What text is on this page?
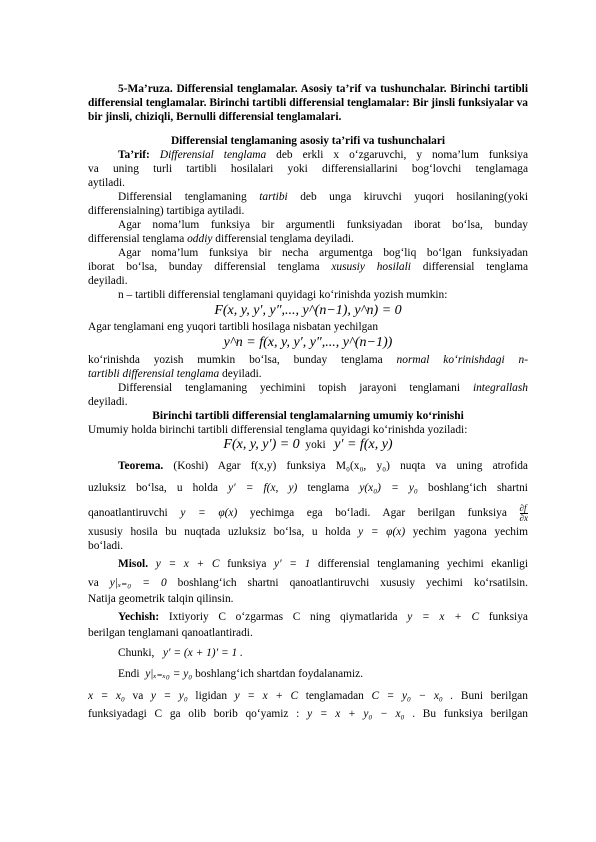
5-Ma’ruza. Differensial tenglamalar. Asosiy ta’rif va tushunchalar. Birinchi tartibli
differensial tenglamalar. Birinchi tartibli differensial tenglamalar: Bir jinsli funksiyalar va
bir jinsli, chiziqli, Bernulli differensial tenglamalari.
Differensial tenglamaning asosiy ta’rifi va tushunchalari
Ta’rif: Differensial tenglama deb erkli x o‘zgaruvchi, y noma’lum funksiya
va uning turli tartibli hosilalari yoki differensiallarini bog‘lovchi tenglamaga
aytiladi.
Differensial tenglamaning tartibi deb unga kiruvchi yuqori hosilaning(yoki
differensialning) tartibiga aytiladi.
Agar noma’lum funksiya bir argumentli funksiyadan iborat bo‘lsa, bunday
differensial tenglama oddiy differensial tenglama deyiladi.
Agar noma’lum funksiya bir necha argumentga bog‘liq bo‘lgan funksiyadan
iborat bo‘lsa, bunday differensial tenglama xususiy hosilali differensial tenglama
deyiladi.
n – tartibli differensial tenglamani quyidagi ko‘rinishda yozish mumkin:
F(x, y, y′, y″,..., y^(n−1), y^n) = 0
Agar tenglamani eng yuqori tartibli hosilaga nisbatan yechilgan
y^n = f(x, y, y′, y″,..., y^(n−1))
ko‘rinishda yozish mumkin bo‘lsa, bunday tenglama normal ko‘rinishdagi n-
tartibli differensial tenglama deyiladi.
Differensial tenglamaning yechimini topish jarayoni tenglamani integrallash
deyiladi.
Birinchi tartibli differensial tenglamalarning umumiy ko‘rinishi
Umumiy holda birinchi tartibli differensial tenglama quyidagi ko‘rinishda yoziladi:
F(x, y, y′) = 0 yoki y′ = f(x, y)
Teorema. (Koshi) Agar f(x,y) funksiya M₀(x₀, y₀) nuqta va uning atrofida
uzluksiz bo‘lsa, u holda y′ = f(x, y) tenglama y(x₀) = y₀ boshlang‘ich shartni
qanoatlantiruvchi y = φ(x) yechimga ega bo‘ladi. Agar berilgan funksiya $\frac{\partial f}{\partial x}$
xususiy hosila bu nuqtada uzluksiz bo‘lsa, u holda y = φ(x) yechim yagona yechim
bo‘ladi.
Misol. y = x + C funksiya y′ = 1 differensial tenglamaning yechimi ekanligi
va y|ₓ₌₀ = 0 boshlang‘ich shartni qanoatlantiruvchi xususiy yechimi ko‘rsatilsin.
Natija geometrik talqin qilinsin.
Yechish: Ixtiyoriy C o‘zgarmas C ning qiymatlarida y = x + C funksiya
berilgan tenglamani qanoatlantiradi.
Chunki, y′ = (x + 1)′ = 1 .
Endi y|ₓ₌ₓ₀ = y₀ boshlang‘ich shartdan foydalanamiz.
x = x₀ va y = y₀ ligidan y = x + C tenglamadan C = y₀ − x₀ . Buni berilgan
funksiyadagi C ga olib borib qo‘yamiz : y = x + y₀ − x₀ . Bu funksiya berilgan
